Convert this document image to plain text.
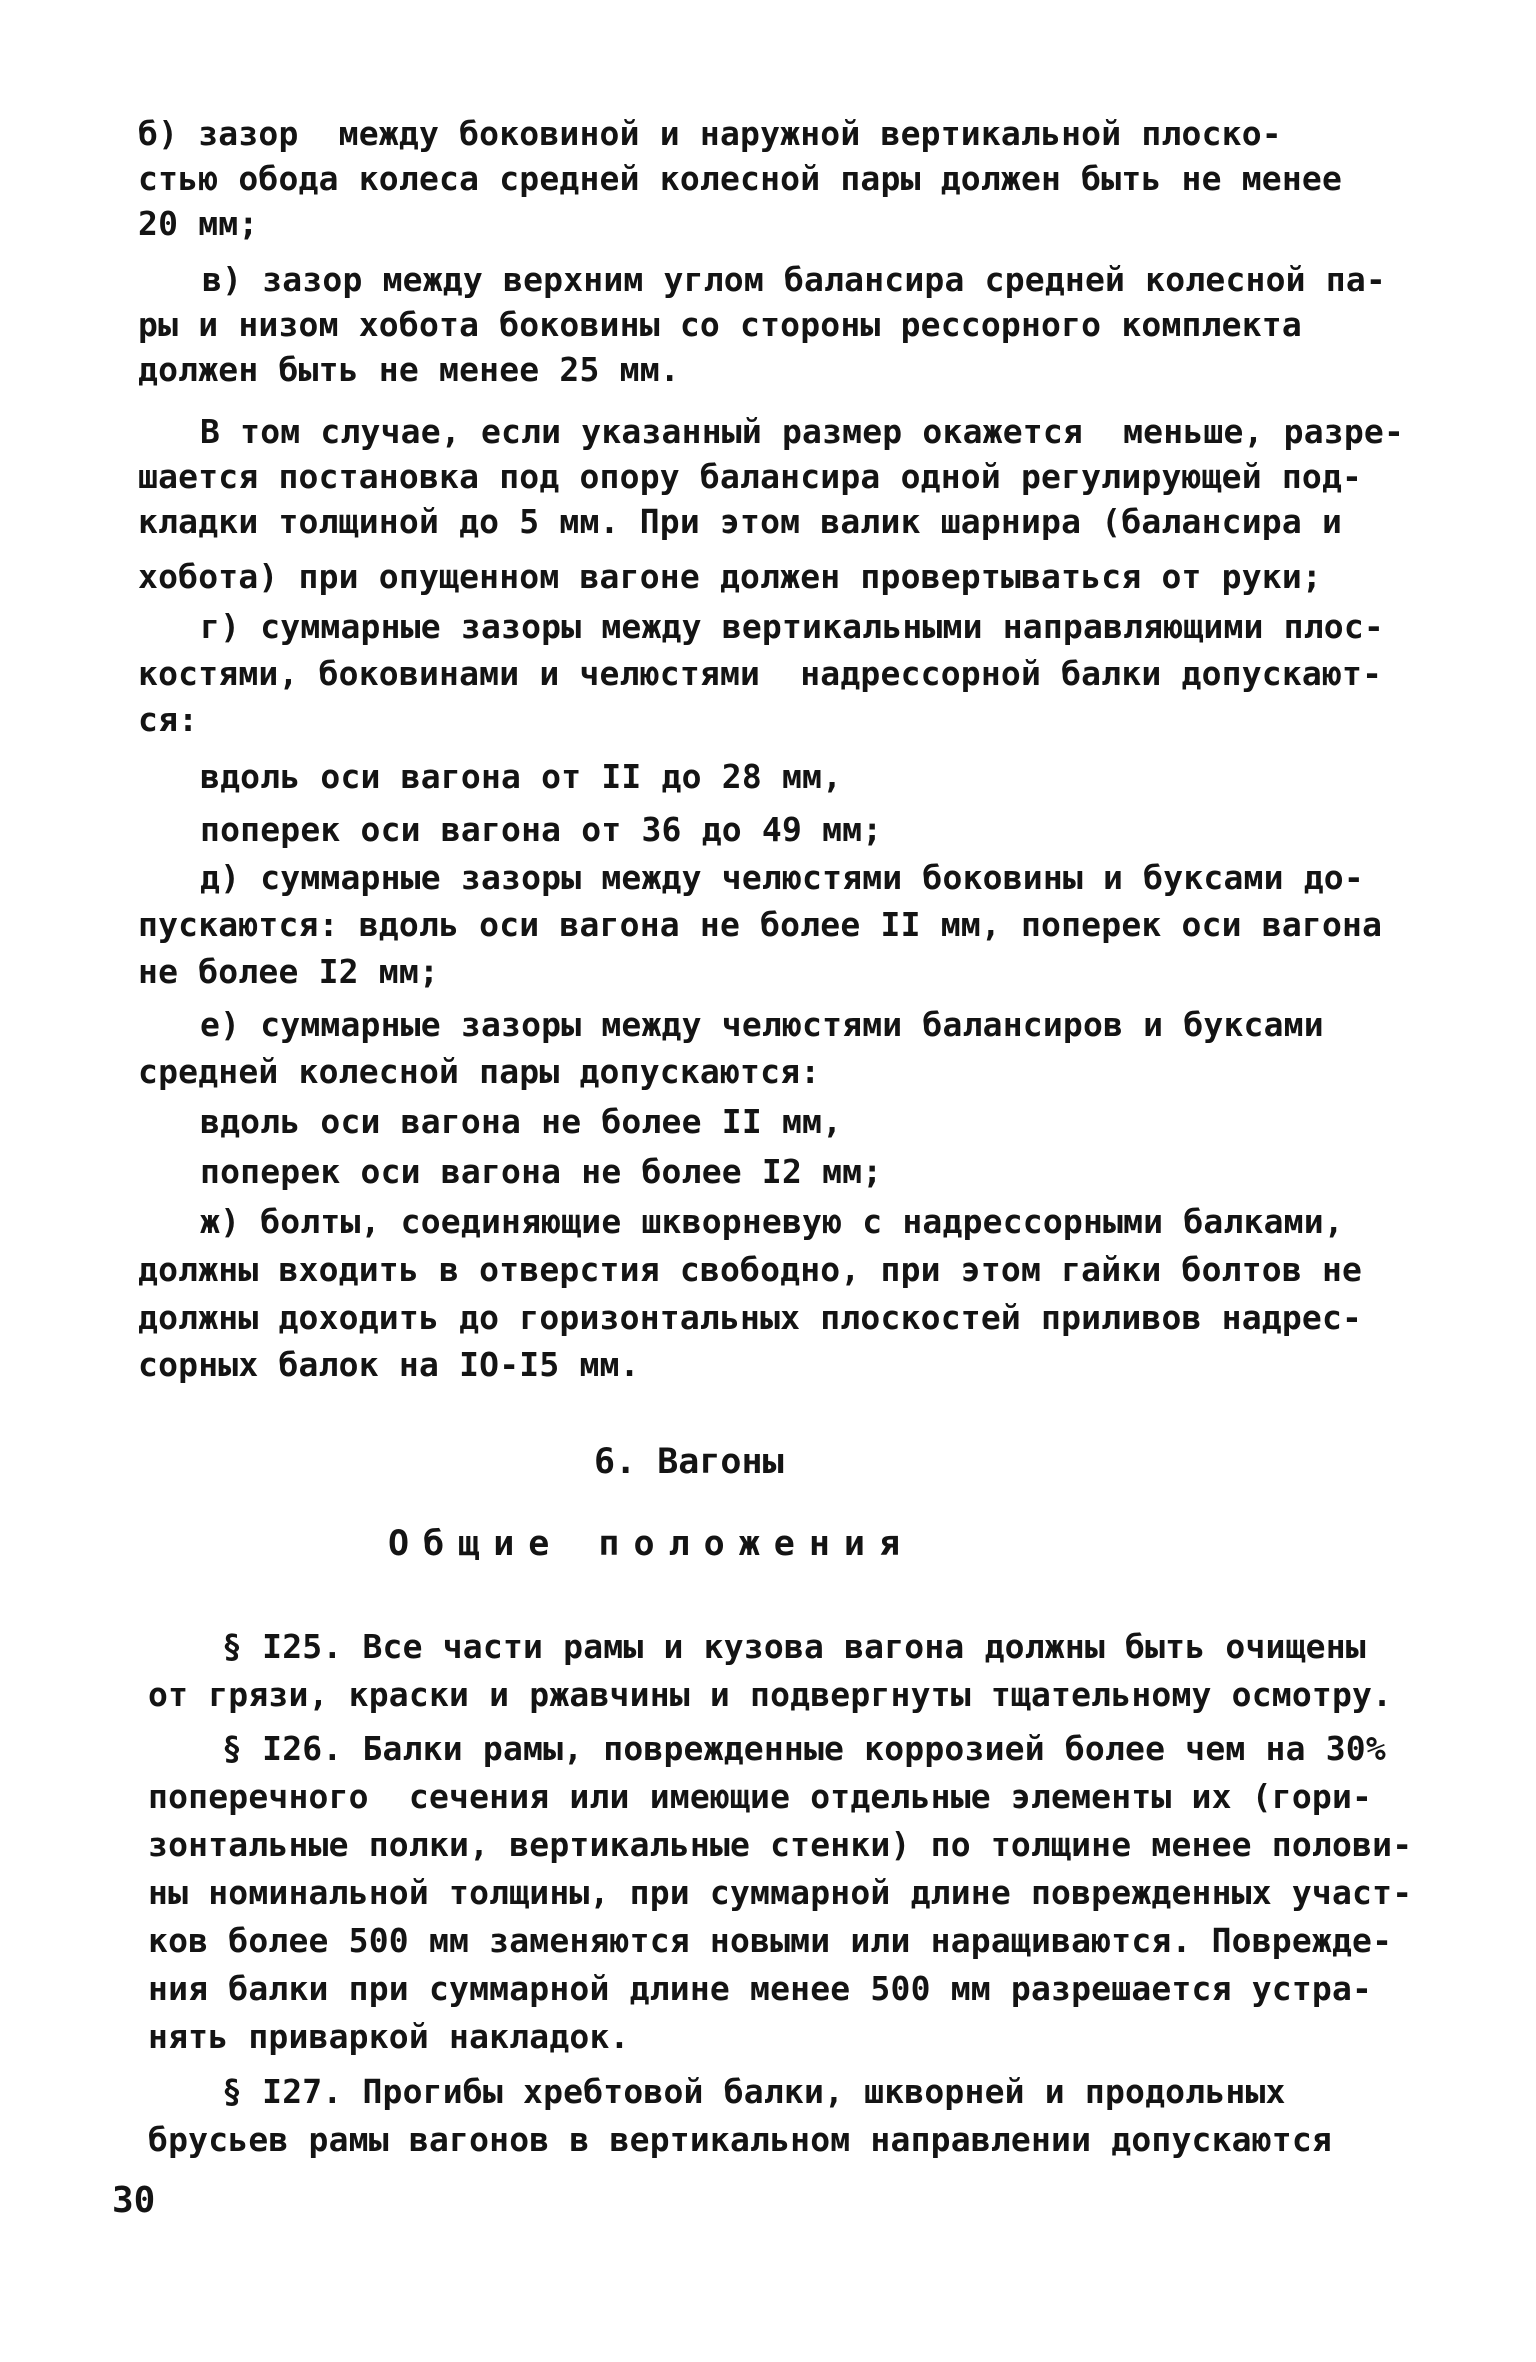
б) зазор  между боковиной и наружной вертикальной плоско-
стью обода колеса средней колесной пары должен быть не менее
20 мм;
в) зазор между верхним углом балансира средней колесной па-
ры и низом хобота боковины со стороны рессорного комплекта
должен быть не менее 25 мм.
В том случае, если указанный размер окажется  меньше, разре-
шается постановка под опору балансира одной регулирующей под-
кладки толщиной до 5 мм. При этом валик шарнира (балансира и
хобота) при опущенном вагоне должен провертываться от руки;
г) суммарные зазоры между вертикальными направляющими плос-
костями, боковинами и челюстями  надрессорной балки допускают-
ся:
вдоль оси вагона от II до 28 мм,
поперек оси вагона от 36 до 49 мм;
д) суммарные зазоры между челюстями боковины и буксами до-
пускаются: вдоль оси вагона не более II мм, поперек оси вагона
не более I2 мм;
е) суммарные зазоры между челюстями балансиров и буксами
средней колесной пары допускаются:
вдоль оси вагона не более II мм,
поперек оси вагона не более I2 мм;
ж) болты, соединяющие шкворневую с надрессорными балками,
должны входить в отверстия свободно, при этом гайки болтов не
должны доходить до горизонтальных плоскостей приливов надрес-
сорных балок на IO-I5 мм.
6. Вагоны
Общие положения
§ I25. Все части рамы и кузова вагона должны быть очищены
от грязи, краски и ржавчины и подвергнуты тщательному осмотру.
§ I26. Балки рамы, поврежденные коррозией более чем на 30%
поперечного  сечения или имеющие отдельные элементы их (гори-
зонтальные полки, вертикальные стенки) по толщине менее полови-
ны номинальной толщины, при суммарной длине поврежденных участ-
ков более 500 мм заменяются новыми или наращиваются. Поврежде-
ния балки при суммарной длине менее 500 мм разрешается устра-
нять приваркой накладок.
§ I27. Прогибы хребтовой балки, шкворней и продольных
брусьев рамы вагонов в вертикальном направлении допускаются
30
